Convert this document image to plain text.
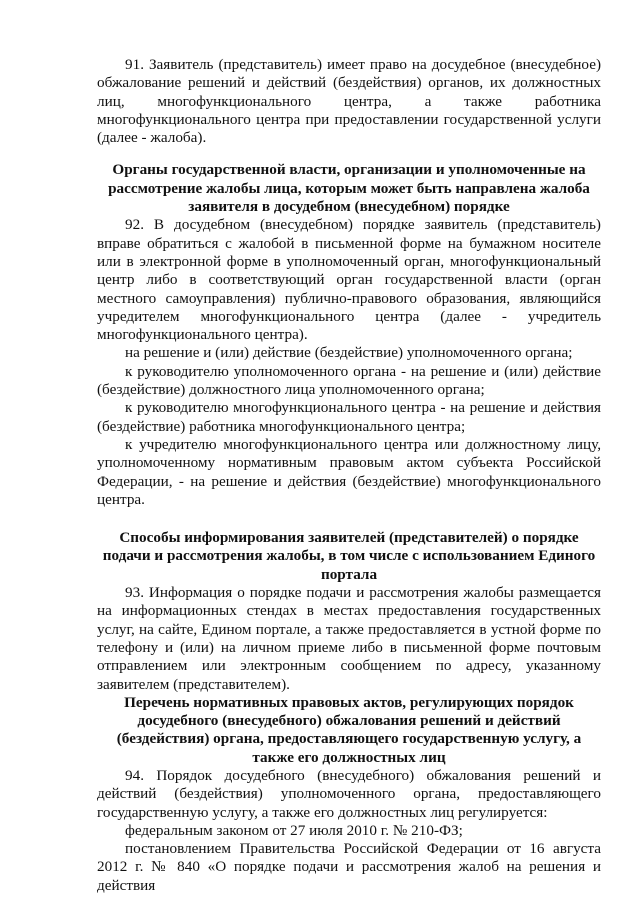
91. Заявитель (представитель) имеет право на досудебное (внесудебное) обжалование решений и действий (бездействия) органов, их должностных лиц, многофункционального центра, а также работника многофункционального центра при предоставлении государственной услуги (далее - жалоба).

Органы государственной власти, организации и уполномоченные на рассмотрение жалобы лица, которым может быть направлена жалоба заявителя в досудебном (внесудебном) порядке

92. В досудебном (внесудебном) порядке заявитель (представитель) вправе обратиться с жалобой в письменной форме на бумажном носителе или в электронной форме в уполномоченный орган, многофункциональный центр либо в соответствующий орган государственной власти (орган местного самоуправления) публично-правового образования, являющийся учредителем многофункционального центра (далее - учредитель многофункционального центра).

на решение и (или) действие (бездействие) уполномоченного органа;

к руководителю уполномоченного органа - на решение и (или) действие (бездействие) должностного лица уполномоченного органа;

к руководителю многофункционального центра - на решение и действия (бездействие) работника многофункционального центра;

к учредителю многофункционального центра или должностному лицу, уполномоченному нормативным правовым актом субъекта Российской Федерации, - на решение и действия (бездействие) многофункционального центра.

Способы информирования заявителей (представителей) о порядке подачи и рассмотрения жалобы, в том числе с использованием Единого портала

93. Информация о порядке подачи и рассмотрения жалобы размещается на информационных стендах в местах предоставления государственных услуг, на сайте, Едином портале, а также предоставляется в устной форме по телефону и (или) на личном приеме либо в письменной форме почтовым отправлением или электронным сообщением по адресу, указанному заявителем (представителем).

Перечень нормативных правовых актов, регулирующих порядок досудебного (внесудебного) обжалования решений и действий (бездействия) органа, предоставляющего государственную услугу, а также его должностных лиц

94. Порядок досудебного (внесудебного) обжалования решений и действий (бездействия) уполномоченного органа, предоставляющего государственную услугу, а также его должностных лиц регулируется:

федеральным законом от 27 июля 2010 г. № 210-ФЗ;

постановлением Правительства Российской Федерации от 16 августа 2012 г. № 840 «О порядке подачи и рассмотрения жалоб на решения и действия
